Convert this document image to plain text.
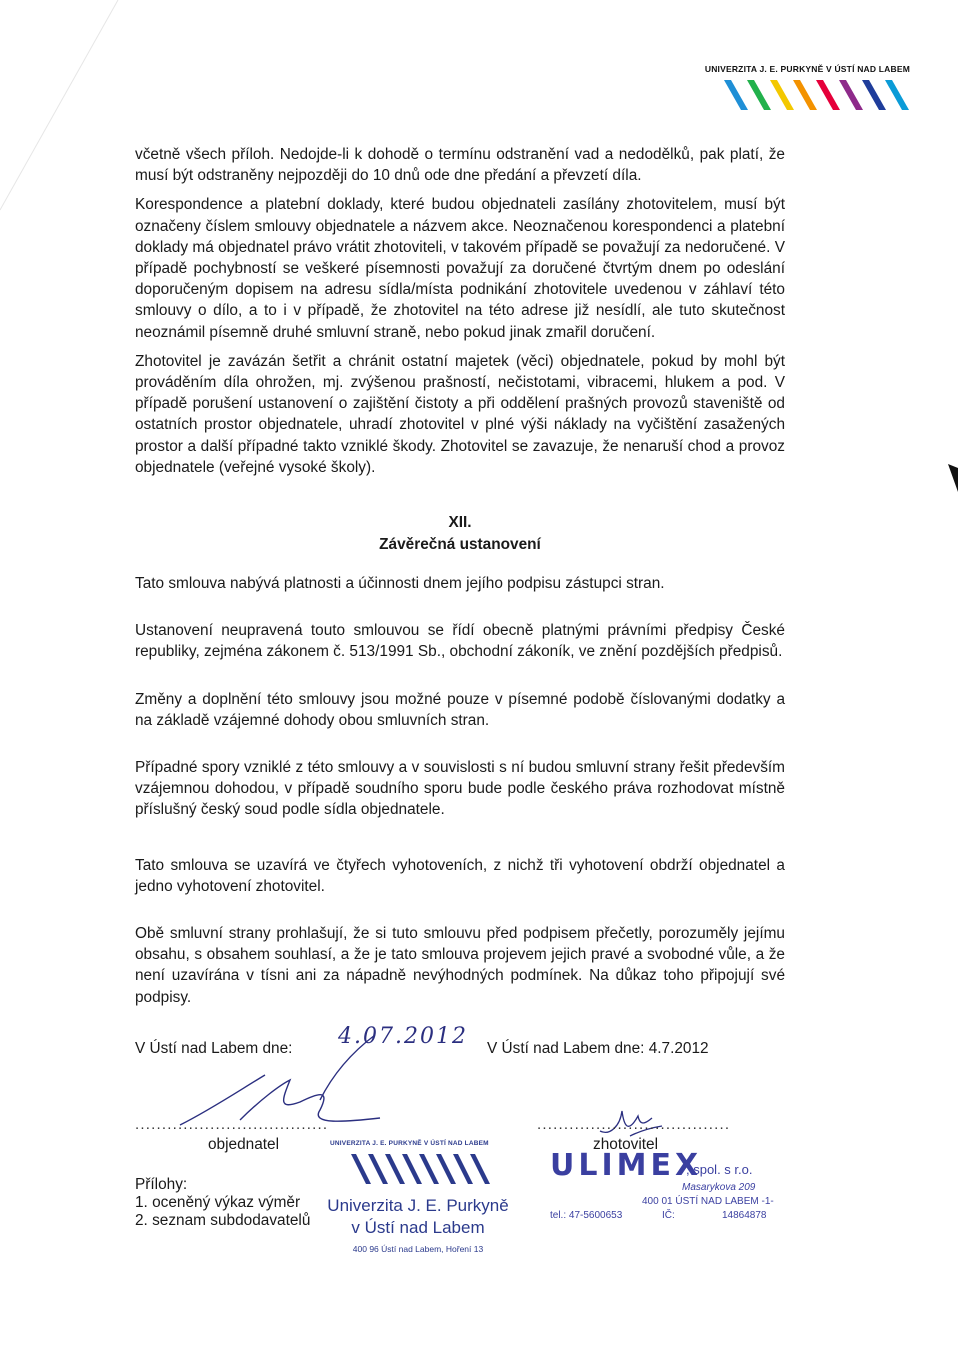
UNIVERZITA J. E. PURKYNĚ V ÚSTÍ NAD LABEM

včetně všech příloh. Nedojde-li k dohodě o termínu odstranění vad a nedodělků, pak platí, že musí být odstraněny nejpozději do 10 dnů ode dne předání a převzetí díla.

Korespondence a platební doklady, které budou objednateli zasílány zhotovitelem, musí být označeny číslem smlouvy objednatele a názvem akce. Neoznačenou korespondenci a platební doklady má objednatel právo vrátit zhotoviteli, v takovém případě se považují za nedoručené. V případě pochybností se veškeré písemnosti považují za doručené čtvrtým dnem po odeslání doporučeným dopisem na adresu sídla/místa podnikání zhotovitele uvedenou v záhlaví této smlouvy o dílo, a to i v případě, že zhotovitel na této adrese již nesídlí, ale tuto skutečnost neoznámil písemně druhé smluvní straně, nebo pokud jinak zmařil doručení.

Zhotovitel je zavázán šetřit a chránit ostatní majetek (věci) objednatele, pokud by mohl být prováděním díla ohrožen, mj. zvýšenou prašností, nečistotami, vibracemi, hlukem a pod. V případě porušení ustanovení o zajištění čistoty a při oddělení prašných provozů staveniště od ostatních prostor objednatele, uhradí zhotovitel v plné výši náklady na vyčištění zasažených prostor a další případné takto vzniklé škody. Zhotovitel se zavazuje, že nenaruší chod a provoz objednatele (veřejné vysoké školy).

XII.

Závěrečná ustanovení

Tato smlouva nabývá platnosti a účinnosti dnem jejího podpisu zástupci stran.

Ustanovení neupravená touto smlouvou se řídí obecně platnými právními předpisy České republiky, zejména zákonem č. 513/1991 Sb., obchodní zákoník, ve znění pozdějších předpisů.

Změny a doplnění této smlouvy jsou možné pouze v písemné podobě číslovanými dodatky a na základě vzájemné dohody obou smluvních stran.

Případné spory vzniklé z této smlouvy a v souvislosti s ní budou smluvní strany řešit především vzájemnou dohodou, v případě soudního sporu bude podle českého práva rozhodovat místně příslušný český soud podle sídla objednatele.

Tato smlouva se uzavírá ve čtyřech vyhotoveních, z nichž tři vyhotovení obdrží objednatel a jedno vyhotovení zhotovitel.

Obě smluvní strany prohlašují, že si tuto smlouvu před podpisem přečetly, porozuměly jejímu obsahu, s obsahem souhlasí, a že je tato smlouva projevem jejich pravé a svobodné vůle, a že není uzavírána v tísni ani za nápadně nevýhodných podmínek. Na důkaz toho připojují své podpisy.

V Ústí nad Labem dne: 4.07.2012 V Ústí nad Labem dne: 4.7.2012
....................................	....................................
objednatel	zhotovitel
Přílohy:
1. oceněný výkaz výměr
2. seznam subdodavatelů
UNIVERZITA J. E. PURKYNĚ V ÚSTÍ NAD LABEM
Univerzita J. E. Purkyně
v Ústí nad Labem
400 96 Ústí nad Labem, Hoření 13
ULIMEX
, spol. s r.o.
Masarykova 209
400 01 ÚSTÍ NAD LABEM -1-
tel.: 47-5600653	IČ:	14864878
